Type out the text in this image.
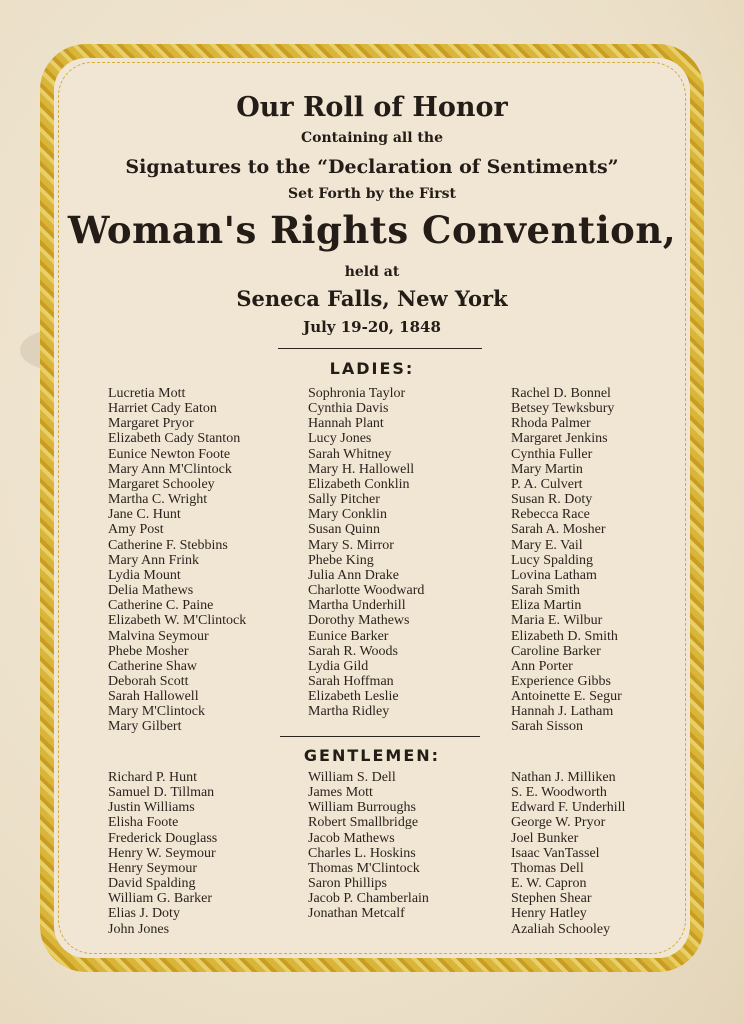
Our Roll of Honor
Containing all the
Signatures to the “Declaration of Sentiments”
Set Forth by the First
Woman's Rights Convention,
held at
Seneca Falls, New York
July 19-20, 1848
LADIES:
Lucretia Mott
Harriet Cady Eaton
Margaret Pryor
Elizabeth Cady Stanton
Eunice Newton Foote
Mary Ann M'Clintock
Margaret Schooley
Martha C. Wright
Jane C. Hunt
Amy Post
Catherine F. Stebbins
Mary Ann Frink
Lydia Mount
Delia Mathews
Catherine C. Paine
Elizabeth W. M'Clintock
Malvina Seymour
Phebe Mosher
Catherine Shaw
Deborah Scott
Sarah Hallowell
Mary M'Clintock
Mary Gilbert
Sophronia Taylor
Cynthia Davis
Hannah Plant
Lucy Jones
Sarah Whitney
Mary H. Hallowell
Elizabeth Conklin
Sally Pitcher
Mary Conklin
Susan Quinn
Mary S. Mirror
Phebe King
Julia Ann Drake
Charlotte Woodward
Martha Underhill
Dorothy Mathews
Eunice Barker
Sarah R. Woods
Lydia Gild
Sarah Hoffman
Elizabeth Leslie
Martha Ridley
Rachel D. Bonnel
Betsey Tewksbury
Rhoda Palmer
Margaret Jenkins
Cynthia Fuller
Mary Martin
P. A. Culvert
Susan R. Doty
Rebecca Race
Sarah A. Mosher
Mary E. Vail
Lucy Spalding
Lovina Latham
Sarah Smith
Eliza Martin
Maria E. Wilbur
Elizabeth D. Smith
Caroline Barker
Ann Porter
Experience Gibbs
Antoinette E. Segur
Hannah J. Latham
Sarah Sisson
GENTLEMEN:
Richard P. Hunt
Samuel D. Tillman
Justin Williams
Elisha Foote
Frederick Douglass
Henry W. Seymour
Henry Seymour
David Spalding
William G. Barker
Elias J. Doty
John Jones
William S. Dell
James Mott
William Burroughs
Robert Smallbridge
Jacob Mathews
Charles L. Hoskins
Thomas M'Clintock
Saron Phillips
Jacob P. Chamberlain
Jonathan Metcalf
Nathan J. Milliken
S. E. Woodworth
Edward F. Underhill
George W. Pryor
Joel Bunker
Isaac VanTassel
Thomas Dell
E. W. Capron
Stephen Shear
Henry Hatley
Azaliah Schooley
